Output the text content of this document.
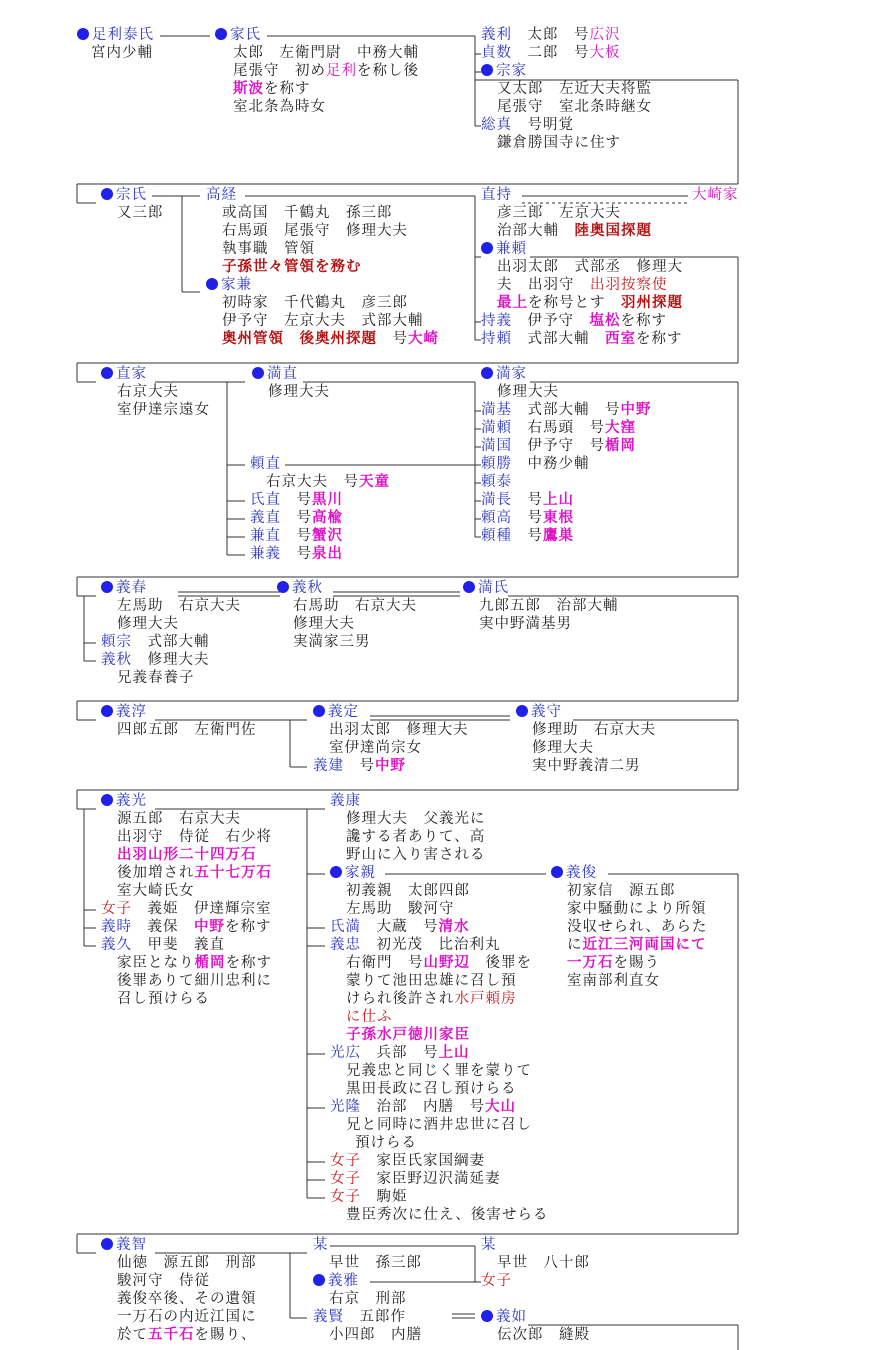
足利泰氏
宮内少輔
家氏
太郎　左衛門尉　中務大輔
尾張守　初め足利を称し後
斯波を称す
室北条為時女
義利　太郎　号広沢
貞数　二郎　号大板
宗家
又太郎　左近大夫将監
尾張守　室北条時継女
総真　号明覚
鎌倉勝国寺に住す
宗氏
又三郎
高経
或高国　千鶴丸　孫三郎
右馬頭　尾張守　修理大夫
執事職　管領
子孫世々管領を務む
家兼
初時家　千代鶴丸　彦三郎
伊予守　左京大夫　式部大輔
奥州管領　後奥州探題　号大崎
直持
彦三郎　左京大夫
治部大輔　陸奥国探題
兼頼
出羽太郎　式部丞　修理大
夫　出羽守　出羽按察使
最上を称号とす　羽州探題
持義　伊予守　塩松を称す
持頼　式部大輔　西室を称す
大崎家
直家
右京大夫
室伊達宗遠女
満直
修理大夫
頼直
右京大夫　号天童
氏直　号黒川
義直　号高楡
兼直　号蟹沢
兼義　号泉出
満家
修理大夫
満基　式部大輔　号中野
満頼　右馬頭　号大窪
満国　伊予守　号楯岡
頼勝　中務少輔
頼泰
満長　号上山
頼高　号東根
頼種　号鷹巣
義春
左馬助　右京大夫
修理大夫
頼宗　式部大輔
義秋　修理大夫
兄義春養子
義秋
右馬助　右京大夫
修理大夫
実満家三男
満氏
九郎五郎　治部大輔
実中野満基男
義淳
四郎五郎　左衛門佐
義定
出羽太郎　修理大夫
室伊達尚宗女
義建　号中野
義守
修理助　右京大夫
修理大夫
実中野義清二男
義光
源五郎　右京大夫
出羽守　侍従　右少将
出羽山形二十四万石
後加増され五十七万石
室大崎氏女
女子　義姫　伊達輝宗室
義時　義保　中野を称す
義久　甲斐　義直
家臣となり楯岡を称す
後罪ありて細川忠利に
召し預けらる
義康
修理大夫　父義光に
讒する者ありて、高
野山に入り害される
家親
初義親　太郎四郎
左馬助　駿河守
氏満　大蔵　号清水
義忠　初光茂　比治利丸
右衛門　号山野辺　後罪を
蒙りて池田忠雄に召し預
けられ後許され水戸頼房
に仕ふ
子孫水戸徳川家臣
光広　兵部　号上山
兄義忠と同じく罪を蒙りて
黒田長政に召し預けらる
光隆　治部　内膳　号大山
兄と同時に酒井忠世に召し
預けらる
女子　家臣氏家国綱妻
女子　家臣野辺沢満延妻
女子　駒姫
豊臣秀次に仕え、後害せらる
義俊
初家信　源五郎
家中騒動により所領
没収せられ、あらた
に近江三河両国にて
一万石を賜う
室南部利直女
義智
仙徳　源五郎　刑部
駿河守　侍従
義俊卒後、その遺領
一万石の内近江国に
於て五千石を賜り、
某
早世　孫三郎
義雅
右京　刑部
義賢　五郎作
小四郎　内膳
某
早世　八十郎
女子
義如
伝次郎　縫殿
